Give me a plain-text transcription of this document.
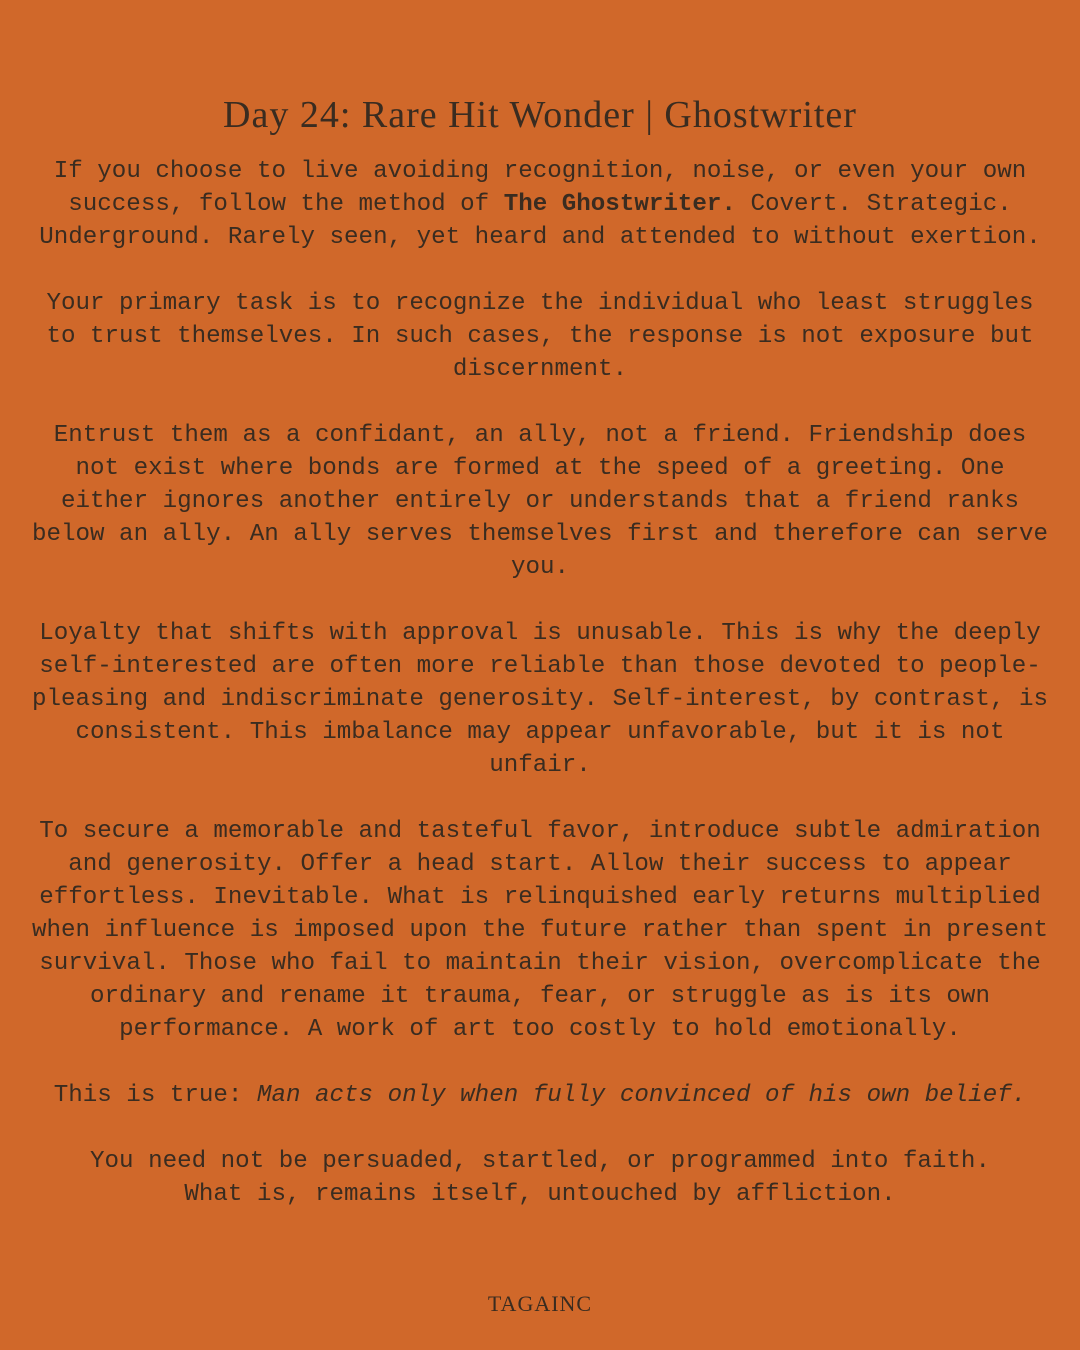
Day 24: Rare Hit Wonder | Ghostwriter

If you choose to live avoiding recognition, noise, or even your own success, follow the method of The Ghostwriter. Covert. Strategic. Underground. Rarely seen, yet heard and attended to without exertion.

Your primary task is to recognize the individual who least struggles to trust themselves. In such cases, the response is not exposure but discernment.

Entrust them as a confidant, an ally, not a friend. Friendship does not exist where bonds are formed at the speed of a greeting. One either ignores another entirely or understands that a friend ranks below an ally. An ally serves themselves first and therefore can serve you.

Loyalty that shifts with approval is unusable. This is why the deeply self-interested are often more reliable than those devoted to people-pleasing and indiscriminate generosity. Self-interest, by contrast, is consistent. This imbalance may appear unfavorable, but it is not unfair.

To secure a memorable and tasteful favor, introduce subtle admiration and generosity. Offer a head start. Allow their success to appear effortless. Inevitable. What is relinquished early returns multiplied when influence is imposed upon the future rather than spent in present survival. Those who fail to maintain their vision, overcomplicate the ordinary and rename it trauma, fear, or struggle as is its own performance. A work of art too costly to hold emotionally.

This is true: Man acts only when fully convinced of his own belief.

You need not be persuaded, startled, or programmed into faith.
What is, remains itself, untouched by affliction.

TAGAINC
